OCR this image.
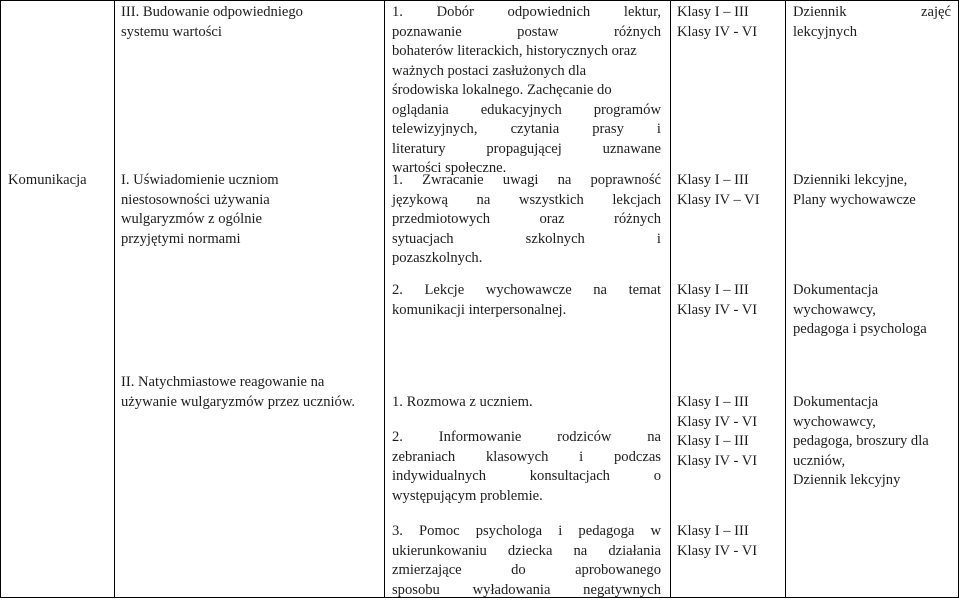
Komunikacja
III. Budowanie odpowiedniego systemu wartości
I. Uświadomienie uczniom niestosowności używania wulgaryzmów z ogólnie przyjętymi normami
II. Natychmiastowe reagowanie na używanie wulgaryzmów przez uczniów.
1. Dobór odpowiednich lektur,
poznawanie postaw różnych
bohaterów literackich, historycznych oraz ważnych postaci zasłużonych dla środowiska lokalnego. Zachęcanie do
oglądania edukacyjnych programów
telewizyjnych, czytania prasy i
literatury propagującej uznawane
wartości społeczne.
1. Zwracanie uwagi na poprawność
językową na wszystkich lekcjach
przedmiotowych oraz różnych
sytuacjach szkolnych i
pozaszkolnych.
2. Lekcje wychowawcze na temat
komunikacji interpersonalnej.
1. Rozmowa z uczniem.
2. Informowanie rodziców na
zebraniach klasowych i podczas
indywidualnych konsultacjach o
występującym problemie.
3. Pomoc psychologa i pedagoga w
ukierunkowaniu dziecka na działania
zmierzające do aprobowanego
sposobu wyładowania negatywnych
Klasy I – III
Klasy IV - VI
Klasy I – III
Klasy IV – VI
Klasy I – III
Klasy IV - VI
Klasy I – III
Klasy IV - VI
Klasy I – III
Klasy IV - VI
Klasy I – III
Klasy IV - VI
Dziennik zajęć
lekcyjnych
Dzienniki lekcyjne,
Plany wychowawcze
Dokumentacja
wychowawcy,
pedagoga i psychologa
Dokumentacja
wychowawcy,
pedagoga, broszury dla
uczniów,
Dziennik lekcyjny
